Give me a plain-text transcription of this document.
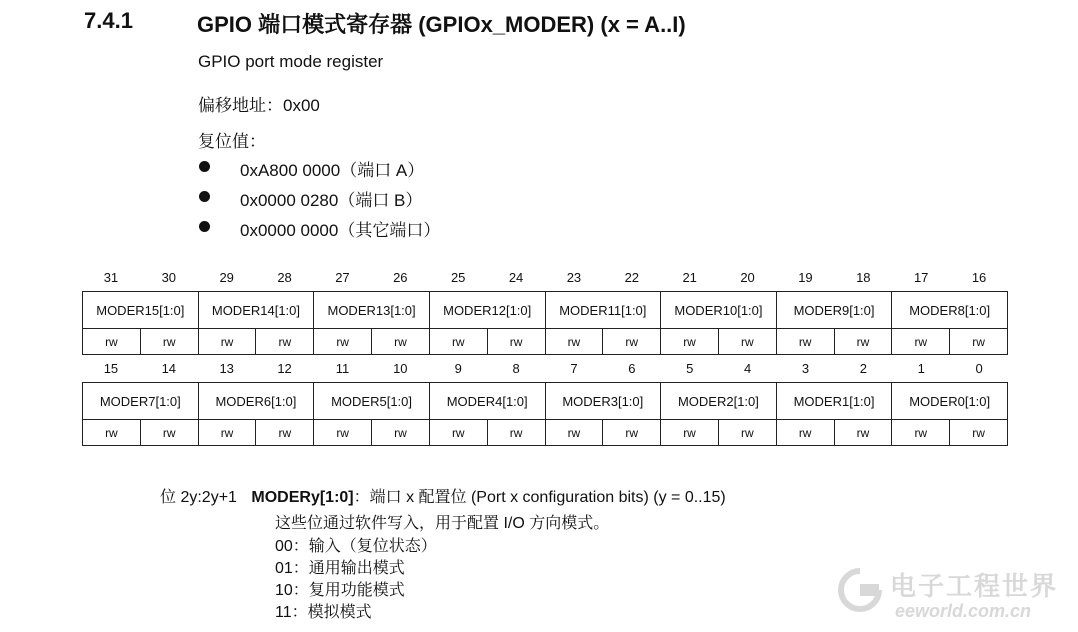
7.4.1	GPIO 端口模式寄存器 (GPIOx_MODER) (x = A..I)
GPIO port mode register
偏移地址：0x00
复位值：
0xA800 0000（端口 A）
0x0000 0280（端口 B）
0x0000 0000（其它端口）
31	30	29	28	27	26	25	24	23	22	21	20	19	18	17	16
MODER15[1:0]	MODER14[1:0]	MODER13[1:0]	MODER12[1:0]	MODER11[1:0]	MODER10[1:0]	MODER9[1:0]	MODER8[1:0]
rw	rw	rw	rw	rw	rw	rw	rw	rw	rw	rw	rw	rw	rw	rw	rw
15	14	13	12	11	10	9	8	7	6	5	4	3	2	1	0
MODER7[1:0]	MODER6[1:0]	MODER5[1:0]	MODER4[1:0]	MODER3[1:0]	MODER2[1:0]	MODER1[1:0]	MODER0[1:0]
rw	rw	rw	rw	rw	rw	rw	rw	rw	rw	rw	rw	rw	rw	rw	rw
位 2y:2y+1 MODERy[1:0]：端口 x 配置位 (Port x configuration bits) (y = 0..15)
这些位通过软件写入，用于配置 I/O 方向模式。
00：输入（复位状态）
01：通用输出模式
10：复用功能模式
11：模拟模式
电子工程世界
eeworld.com.cn
